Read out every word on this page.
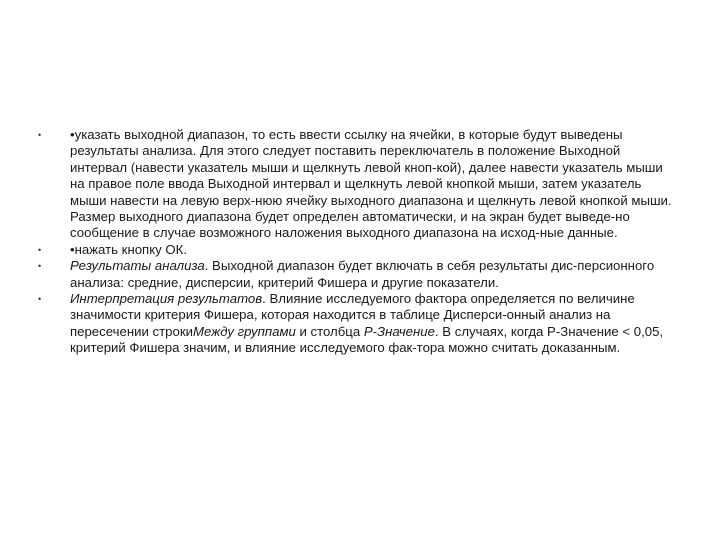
• •указать выходной диапазон, то есть ввести ссылку на ячейки, в которые будут выведены результаты анализа. Для этого следует поставить переключатель в положение Выходной интервал (навести указатель мыши и щелкнуть левой кноп-кой), далее навести указатель мыши на правое поле ввода Выходной интервал и щелкнуть левой кнопкой мыши, затем указатель мыши навести на левую верх-нюю ячейку выходного диапазона и щелкнуть левой кнопкой мыши. Размер выходного диапазона будет определен автоматически, и на экран будет выведе-но сообщение в случае возможного наложения выходного диапазона на исход-ные данные.
• •нажать кнопку ОК.
• Результаты анализа. Выходной диапазон будет включать в себя результаты дис-персионного анализа: средние, дисперсии, критерий Фишера и другие показатели.
• Интерпретация результатов. Влияние исследуемого фактора определяется по величине значимости критерия Фишера, которая находится в таблице Дисперси-онный анализ на пересечении строкиМежду группами и столбца Р-Значение. В случаях, когда Р-Значение < 0,05, критерий Фишера значим, и влияние исследуемого фак-тора можно считать доказанным.
